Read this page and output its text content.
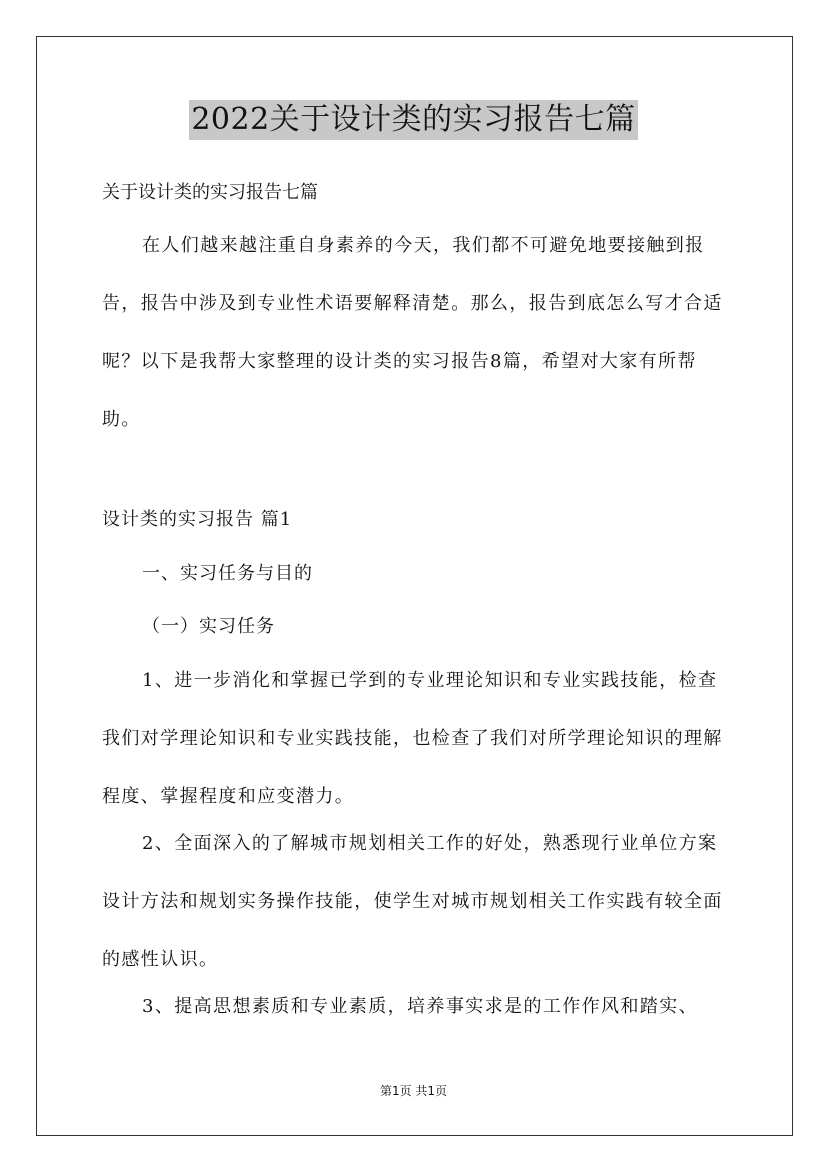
2022关于设计类的实习报告七篇
关于设计类的实习报告七篇

在人们越来越注重自身素养的今天，我们都不可避免地要接触到报告，报告中涉及到专业性术语要解释清楚。那么，报告到底怎么写才合适呢？以下是我帮大家整理的设计类的实习报告8篇，希望对大家有所帮助。

设计类的实习报告 篇1
一、实习任务与目的
（一）实习任务

1、进一步消化和掌握已学到的专业理论知识和专业实践技能，检查我们对学理论知识和专业实践技能，也检查了我们对所学理论知识的理解程度、掌握程度和应变潜力。

2、全面深入的了解城市规划相关工作的好处，熟悉现行业单位方案设计方法和规划实务操作技能，使学生对城市规划相关工作实践有较全面的感性认识。

3、提高思想素质和专业素质，培养事实求是的工作作风和踏实、

第1页 共1页
